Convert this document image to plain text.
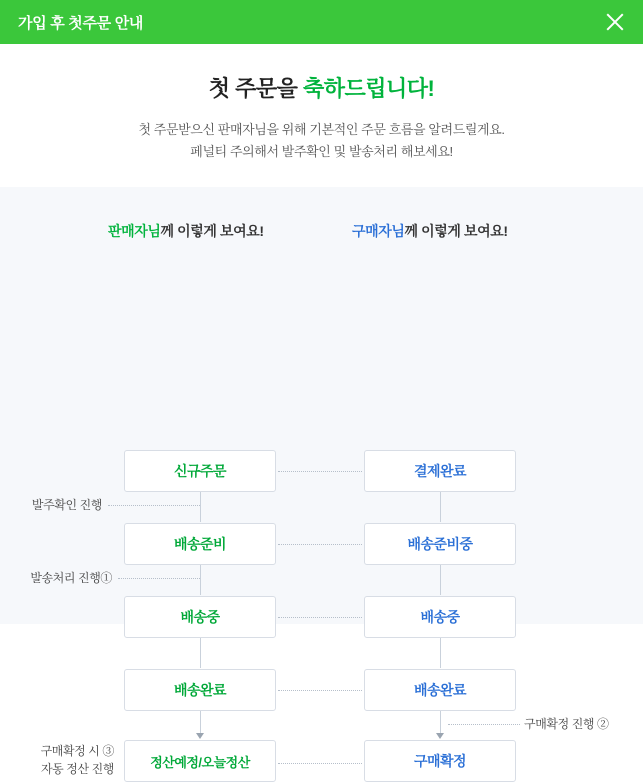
가입 후 첫주문 안내
첫 주문을 축하드립니다!
첫 주문받으신 판매자님을 위해 기본적인 주문 흐름을 알려드릴게요.
페널티 주의해서 발주확인 및 발송처리 해보세요!
판매자님께 이렇게 보여요!	구매자님께 이렇게 보여요!
발주확인 진행
발송처리 진행①
구매확정 시 ③
자동 정산 진행
구매확정 진행 ②
신규주문
배송준비
배송중
배송완료
정산예정/오늘정산
결제완료
배송준비중
배송중
배송완료
구매확정
